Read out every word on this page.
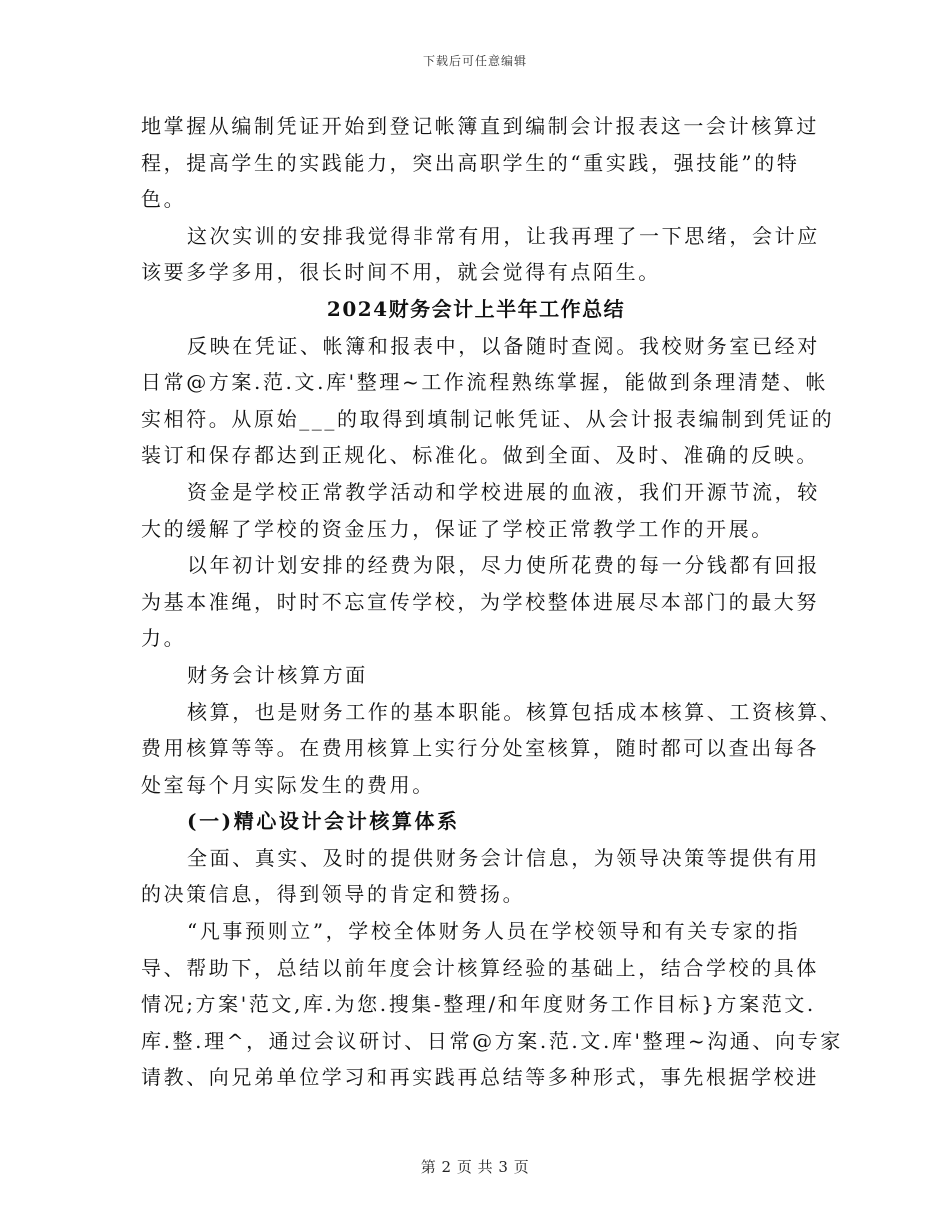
下载后可任意编辑
地掌握从编制凭证开始到登记帐簿直到编制会计报表这一会计核算过
程，提高学生的实践能力，突出高职学生的“重实践，强技能”的特
色。
这次实训的安排我觉得非常有用，让我再理了一下思绪，会计应
该要多学多用，很长时间不用，就会觉得有点陌生。
2024财务会计上半年工作总结
反映在凭证、帐簿和报表中，以备随时查阅。我校财务室已经对
日常@方案.范.文.库'整理~工作流程熟练掌握，能做到条理清楚、帐
实相符。从原始___的取得到填制记帐凭证、从会计报表编制到凭证的
装订和保存都达到正规化、标准化。做到全面、及时、准确的反映。
资金是学校正常教学活动和学校进展的血液，我们开源节流，较
大的缓解了学校的资金压力，保证了学校正常教学工作的开展。
以年初计划安排的经费为限，尽力使所花费的每一分钱都有回报
为基本准绳，时时不忘宣传学校，为学校整体进展尽本部门的最大努
力。
财务会计核算方面
核算，也是财务工作的基本职能。核算包括成本核算、工资核算、
费用核算等等。在费用核算上实行分处室核算，随时都可以查出每各
处室每个月实际发生的费用。
(一)精心设计会计核算体系
全面、真实、及时的提供财务会计信息，为领导决策等提供有用
的决策信息，得到领导的肯定和赞扬。
“凡事预则立”，学校全体财务人员在学校领导和有关专家的指
导、帮助下，总结以前年度会计核算经验的基础上，结合学校的具体
情况;方案'范文,库.为您.搜集-整理/和年度财务工作目标}方案范文.
库.整.理^，通过会议研讨、日常@方案.范.文.库'整理~沟通、向专家
请教、向兄弟单位学习和再实践再总结等多种形式，事先根据学校进
第 2 页 共 3 页
